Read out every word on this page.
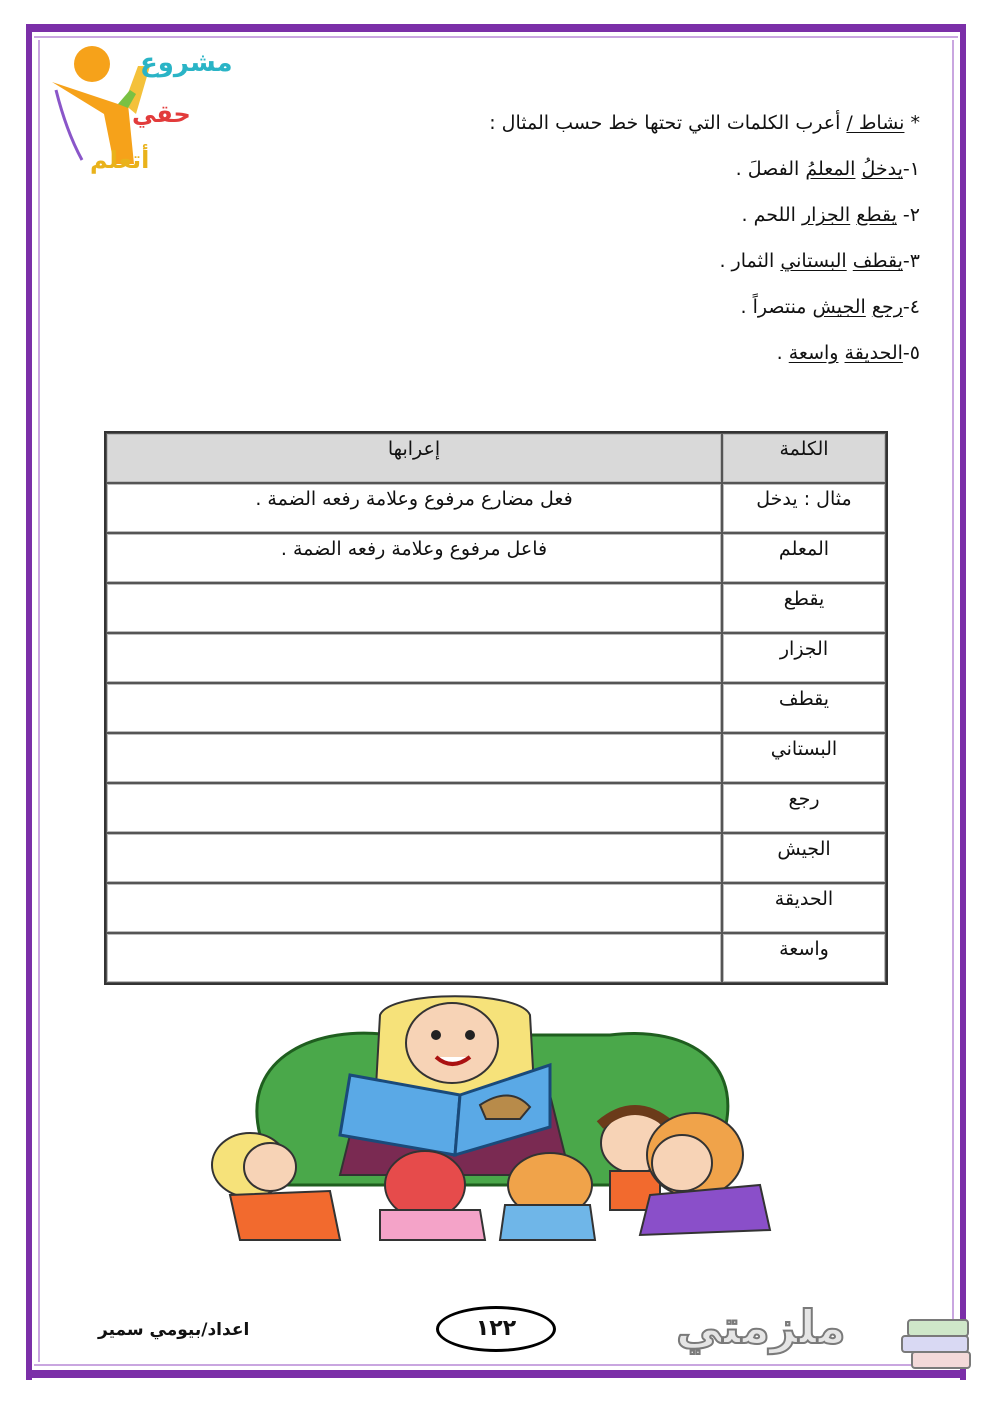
مشروع
حقي
أتعلم
* نشاط / أعرب الكلمات التي تحتها خط حسب المثال :
١-يدخلُ المعلمُ الفصلَ .
٢- يقطع الجزار اللحم .
٣-يقطف البستاني الثمار .
٤-رجع الجيش منتصراً .
٥-الحديقة واسعة .
الكلمة	إعرابها
مثال : يدخل	فعل مضارع مرفوع وعلامة رفعه الضمة .
المعلم	فاعل مرفوع وعلامة رفعه الضمة .
يقطع	
الجزار	
يقطف	
البستاني	
رجع	
الجيش	
الحديقة	
واسعة	
اعداد/بيومي سمير	١٢٢	ملزمتي
